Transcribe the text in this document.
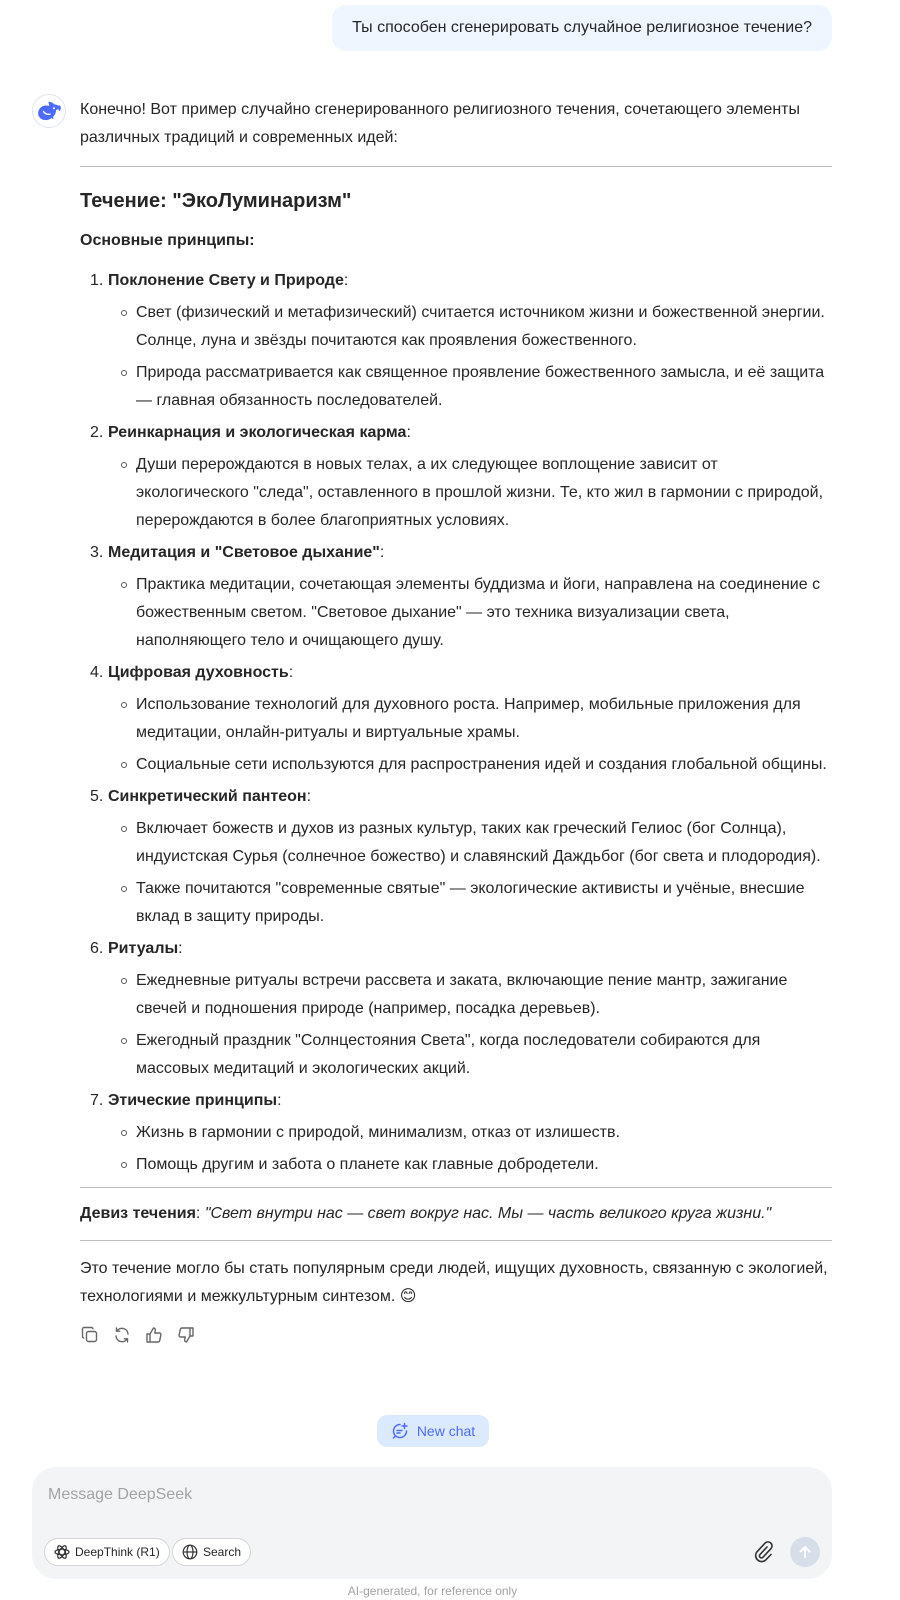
Ты способен сгенерировать случайное религиозное течение?

Конечно! Вот пример случайно сгенерированного религиозного течения, сочетающего элементы различных традиций и современных идей:

Течение: "ЭкоЛуминаризм"

Основные принципы:

1. Поклонение Свету и Природе:
Свет (физический и метафизический) считается источником жизни и божественной энергии. Солнце, луна и звёзды почитаются как проявления божественного.
Природа рассматривается как священное проявление божественного замысла, и её защита — главная обязанность последователей.
2. Реинкарнация и экологическая карма:
Души перерождаются в новых телах, а их следующее воплощение зависит от экологического "следа", оставленного в прошлой жизни. Те, кто жил в гармонии с природой, перерождаются в более благоприятных условиях.
3. Медитация и "Световое дыхание":
Практика медитации, сочетающая элементы буддизма и йоги, направлена на соединение с божественным светом. "Световое дыхание" — это техника визуализации света, наполняющего тело и очищающего душу.
4. Цифровая духовность:
Использование технологий для духовного роста. Например, мобильные приложения для медитации, онлайн-ритуалы и виртуальные храмы.
Социальные сети используются для распространения идей и создания глобальной общины.
5. Синкретический пантеон:
Включает божеств и духов из разных культур, таких как греческий Гелиос (бог Солнца), индуистская Сурья (солнечное божество) и славянский Даждьбог (бог света и плодородия).
Также почитаются "современные святые" — экологические активисты и учёные, внесшие вклад в защиту природы.
6. Ритуалы:
Ежедневные ритуалы встречи рассвета и заката, включающие пение мантр, зажигание свечей и подношения природе (например, посадка деревьев).
Ежегодный праздник "Солнцестояния Света", когда последователи собираются для массовых медитаций и экологических акций.
7. Этические принципы:
Жизнь в гармонии с природой, минимализм, отказ от излишеств.
Помощь другим и забота о планете как главные добродетели.

Девиз течения: "Свет внутри нас — свет вокруг нас. Мы — часть великого круга жизни."

Это течение могло бы стать популярным среди людей, ищущих духовность, связанную с экологией, технологиями и межкультурным синтезом. 😊

New chat
Message DeepSeek
DeepThink (R1)	Search
AI-generated, for reference only
